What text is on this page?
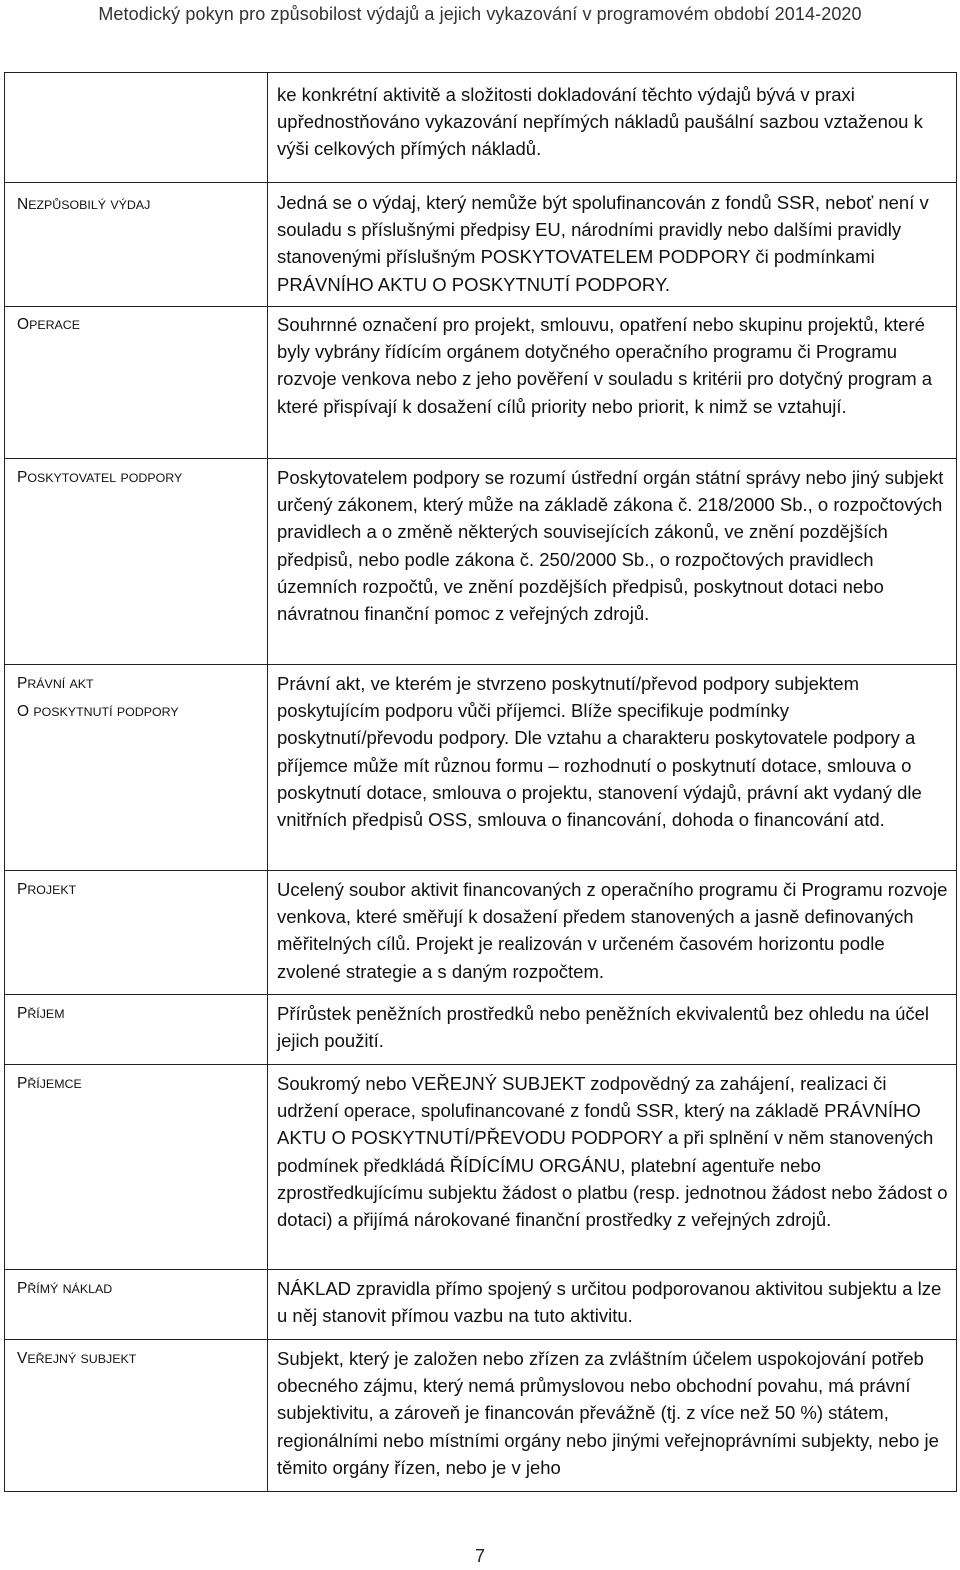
Metodický pokyn pro způsobilost výdajů a jejich vykazování v programovém období 2014-2020

	ke konkrétní aktivitě a složitosti dokladování těchto výdajů bývá v praxi upřednostňováno vykazování nepřímých nákladů paušální sazbou vztaženou k výši celkových přímých nákladů.

NEZPŮSOBILÝ VÝDAJ	Jedná se o výdaj, který nemůže být spolufinancován z fondů SSR, neboť není v souladu s příslušnými předpisy EU, národními pravidly nebo dalšími pravidly stanovenými příslušným POSKYTOVATELEM PODPORY či podmínkami PRÁVNÍHO AKTU O POSKYTNUTÍ PODPORY.

OPERACE	Souhrnné označení pro projekt, smlouvu, opatření nebo skupinu projektů, které byly vybrány řídícím orgánem dotyčného operačního programu či Programu rozvoje venkova nebo z jeho pověření v souladu s kritérii pro dotyčný program a které přispívají k dosažení cílů priority nebo priorit, k nimž se vztahují.

POSKYTOVATEL PODPORY	Poskytovatelem podpory se rozumí ústřední orgán státní správy nebo jiný subjekt určený zákonem, který může na základě zákona č. 218/2000 Sb., o rozpočtových pravidlech a o změně některých souvisejících zákonů, ve znění pozdějších předpisů, nebo podle zákona č. 250/2000 Sb., o rozpočtových pravidlech územních rozpočtů, ve znění pozdějších předpisů, poskytnout dotaci nebo návratnou finanční pomoc z veřejných zdrojů.

PRÁVNÍ AKT
O POSKYTNUTÍ PODPORY	Právní akt, ve kterém je stvrzeno poskytnutí/převod podpory subjektem poskytujícím podporu vůči příjemci. Blíže specifikuje podmínky poskytnutí/převodu podpory. Dle vztahu a charakteru poskytovatele podpory a příjemce může mít různou formu – rozhodnutí o poskytnutí dotace, smlouva o poskytnutí dotace, smlouva o projektu, stanovení výdajů, právní akt vydaný dle vnitřních předpisů OSS, smlouva o financování, dohoda o financování atd.

PROJEKT	Ucelený soubor aktivit financovaných z operačního programu či Programu rozvoje venkova, které směřují k dosažení předem stanovených a jasně definovaných měřitelných cílů. Projekt je realizován v určeném časovém horizontu podle zvolené strategie a s daným rozpočtem.

PŘÍJEM	Přírůstek peněžních prostředků nebo peněžních ekvivalentů bez ohledu na účel jejich použití.

PŘÍJEMCE	Soukromý nebo VEŘEJNÝ SUBJEKT zodpovědný za zahájení, realizaci či udržení operace, spolufinancované z fondů SSR, který na základě PRÁVNÍHO AKTU O POSKYTNUTÍ/PŘEVODU PODPORY a při splnění v něm stanovených podmínek předkládá ŘÍDÍCÍMU ORGÁNU, platební agentuře nebo zprostředkujícímu subjektu žádost o platbu (resp. jednotnou žádost nebo žádost o dotaci) a přijímá nárokované finanční prostředky z veřejných zdrojů.

PŘÍMÝ NÁKLAD	NÁKLAD zpravidla přímo spojený s určitou podporovanou aktivitou subjektu a lze u něj stanovit přímou vazbu na tuto aktivitu.

VEŘEJNÝ SUBJEKT	Subjekt, který je založen nebo zřízen za zvláštním účelem uspokojování potřeb obecného zájmu, který nemá průmyslovou nebo obchodní povahu, má právní subjektivitu, a zároveň je financován převážně (tj. z více než 50 %) státem, regionálními nebo místními orgány nebo jinými veřejnoprávními subjekty, nebo je těmito orgány řízen, nebo je v jeho
7
